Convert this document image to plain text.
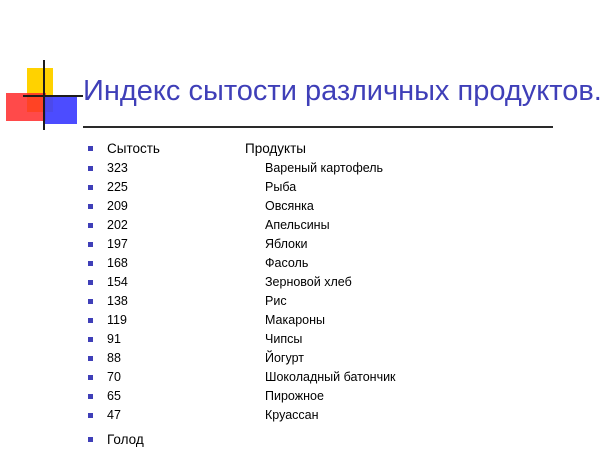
Индекс сытости различных продуктов.
Сытость	Продукты
323	Вареный картофель
225	Рыба
209	Овсянка
202	Апельсины
197	Яблоки
168	Фасоль
154	Зерновой хлеб
138	Рис
119	Макароны
91	Чипсы
88	Йогурт
70	Шоколадный батончик
65	Пирожное
47	Круассан
Голод
